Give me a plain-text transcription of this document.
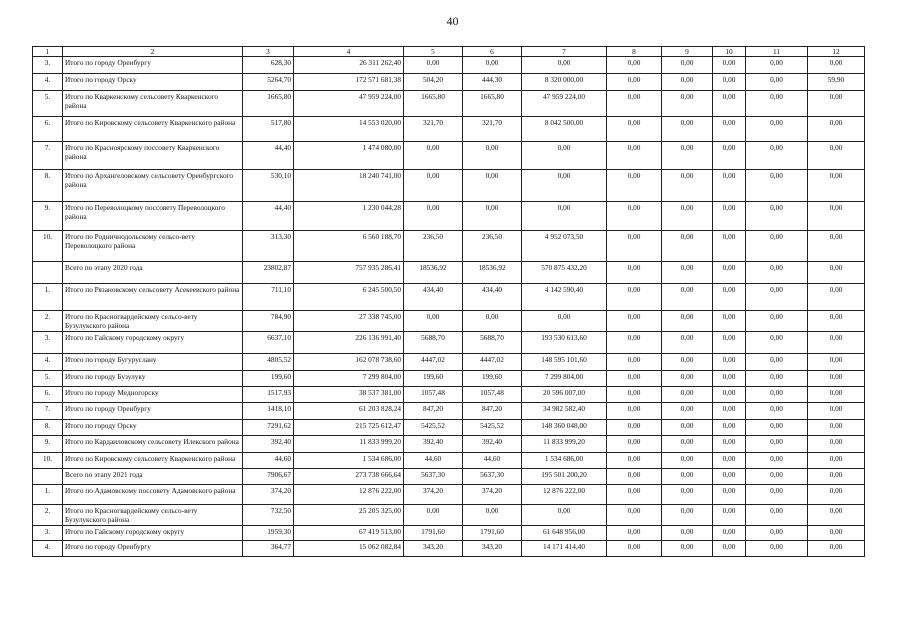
40
1	2	3	4	5	6	7	8	9	10	11	12
3.	Итого по городу Оренбургу	628,30	26 311 262,40	0,00	0,00	0,00	0,00	0,00	0,00	0,00	0,00
4.	Итого по городу Орску	5264,70	172 571 681,38	504,20	444,30	8 320 000,00	0,00	0,00	0,00	0,00	59,90
5.	Итого по Кваркенскому сельсовету Кваркенского района	1665,80	47 959 224,00	1665,80	1665,80	47 959 224,00	0,00	0,00	0,00	0,00	0,00
6.	Итого по Кировскому сельсовету Кваркенского района	517,80	14 553 020,00	321,70	321,70	8 042 500,00	0,00	0,00	0,00	0,00	0,00
7.	Итого по Красноярскому поссовету Кваркенского района	44,40	1 474 080,00	0,00	0,00	0,00	0,00	0,00	0,00	0,00	0,00
8.	Итого по Архангеловскому сельсовету Оренбургского района	530,10	18 240 741,00	0,00	0,00	0,00	0,00	0,00	0,00	0,00	0,00
9.	Итого по Переволоцкому поссовету Переволоцкого района	44,40	1 230 044,28	0,00	0,00	0,00	0,00	0,00	0,00	0,00	0,00
10.	Итого по Родничнодольскому сельсо-вету Переволоцкого района	313,30	6 560 188,70	236,50	236,50	4 952 073,50	0,00	0,00	0,00	0,00	0,00
	Всего по этапу 2020 года	23802,87	757 935 286,41	18536,92	18536,92	570 875 432,20	0,00	0,00	0,00	0,00	0,00
1.	Итого по Рязановскому сельсовету Асекеевского района	711,10	6 245 500,50	434,40	434,40	4 142 590,40	0,00	0,00	0,00	0,00	0,00
2.	Итого по Красногвардейскому сельсо-вету Бузулукского района	784,90	27 338 745,00	0,00	0,00	0,00	0,00	0,00	0,00	0,00	0,00
3.	Итого по Гайскому городскому округу	6637,10	226 136 991,40	5688,70	5688,70	193 530 613,60	0,00	0,00	0,00	0,00	0,00
4.	Итого по городу Бугуруслану	4805,52	162 078 738,60	4447,02	4447,02	148 595 101,60	0,00	0,00	0,00	0,00	0,00
5.	Итого по городу Бузулуку	199,60	7 299 804,00	199,60	199,60	7 299 804,00	0,00	0,00	0,00	0,00	0,00
6.	Итого по городу Медногорску	1517,93	38 537 381,00	1057,48	1057,48	20 596 007,00	0,00	0,00	0,00	0,00	0,00
7.	Итого по городу Оренбургу	1418,10	61 203 828,24	847,20	847,20	34 982 582,40	0,00	0,00	0,00	0,00	0,00
8.	Итого по городу Орску	7291,62	215 725 612,47	5425,52	5425,52	148 360 048,00	0,00	0,00	0,00	0,00	0,00
9.	Итого по Кардаиловскому сельсовету Илекского района	392,40	11 833 999,20	392,40	392,40	11 833 999,20	0,00	0,00	0,00	0,00	0,00
10.	Итого по Кировскому сельсовету Кваркенского района	44,60	1 534 686,00	44,60	44,60	1 534 686,00	0,00	0,00	0,00	0,00	0,00
	Всего по этапу 2021 года	7906,67	273 738 666,64	5637,30	5637,30	195 501 200,20	0,00	0,00	0,00	0,00	0,00
1.	Итого по Адамовскому поссовету Адамовского района	374,20	12 876 222,00	374,20	374,20	12 876 222,00	0,00	0,00	0,00	0,00	0,00
2.	Итого по Красногвардейскому сельсо-вету Бузулукского района	732,50	25 205 325,00	0,00	0,00	0,00	0,00	0,00	0,00	0,00	0,00
3.	Итого по Гайскому городскому округу	1959,30	67 419 513,00	1791,60	1791,60	61 648 956,00	0,00	0,00	0,00	0,00	0,00
4.	Итого по городу Оренбургу	364,77	15 062 082,84	343,20	343,20	14 171 414,40	0,00	0,00	0,00	0,00	0,00
